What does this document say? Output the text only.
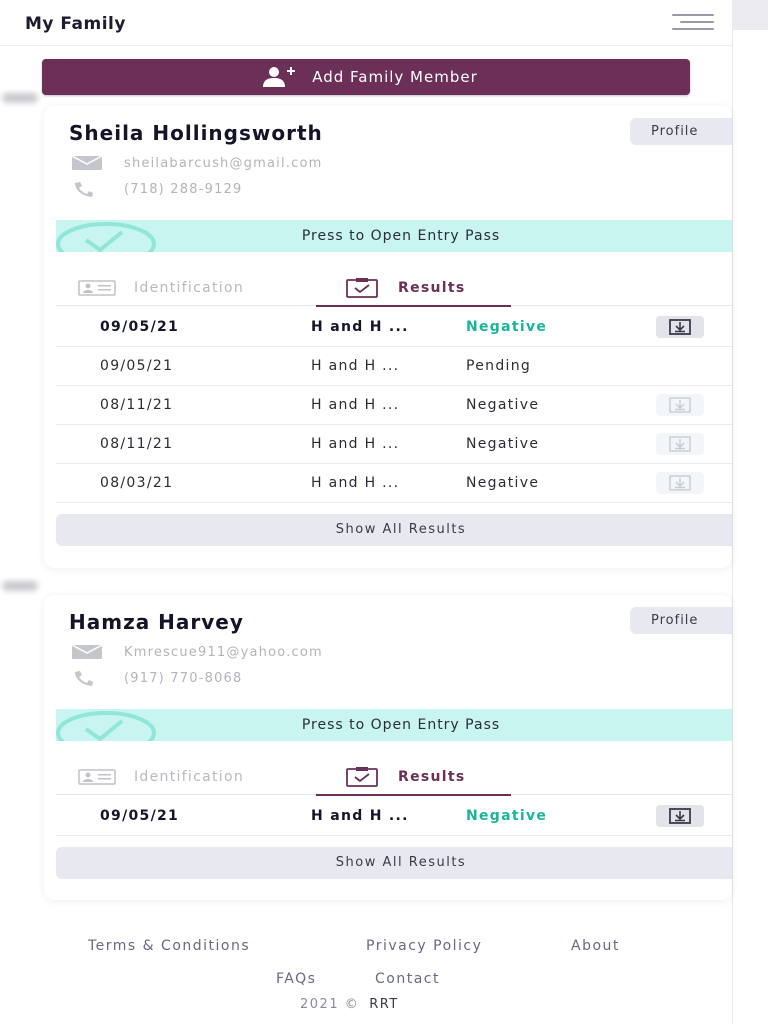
My Family
Add Family Member
Sheila Hollingsworth	Profile
sheilabarcush@gmail.com
(718) 288-9129
Press to Open Entry Pass
Identification	Results
09/05/21	H and H ...	Negative
09/05/21	H and H ...	Pending
08/11/21	H and H ...	Negative
08/11/21	H and H ...	Negative
08/03/21	H and H ...	Negative
Show All Results
Hamza Harvey	Profile
Kmrescue911@yahoo.com
(917) 770-8068
Press to Open Entry Pass
Identification	Results
09/05/21	H and H ...	Negative
Show All Results
Terms & Conditions	Privacy Policy	About
FAQs	Contact
2021 © RRT
